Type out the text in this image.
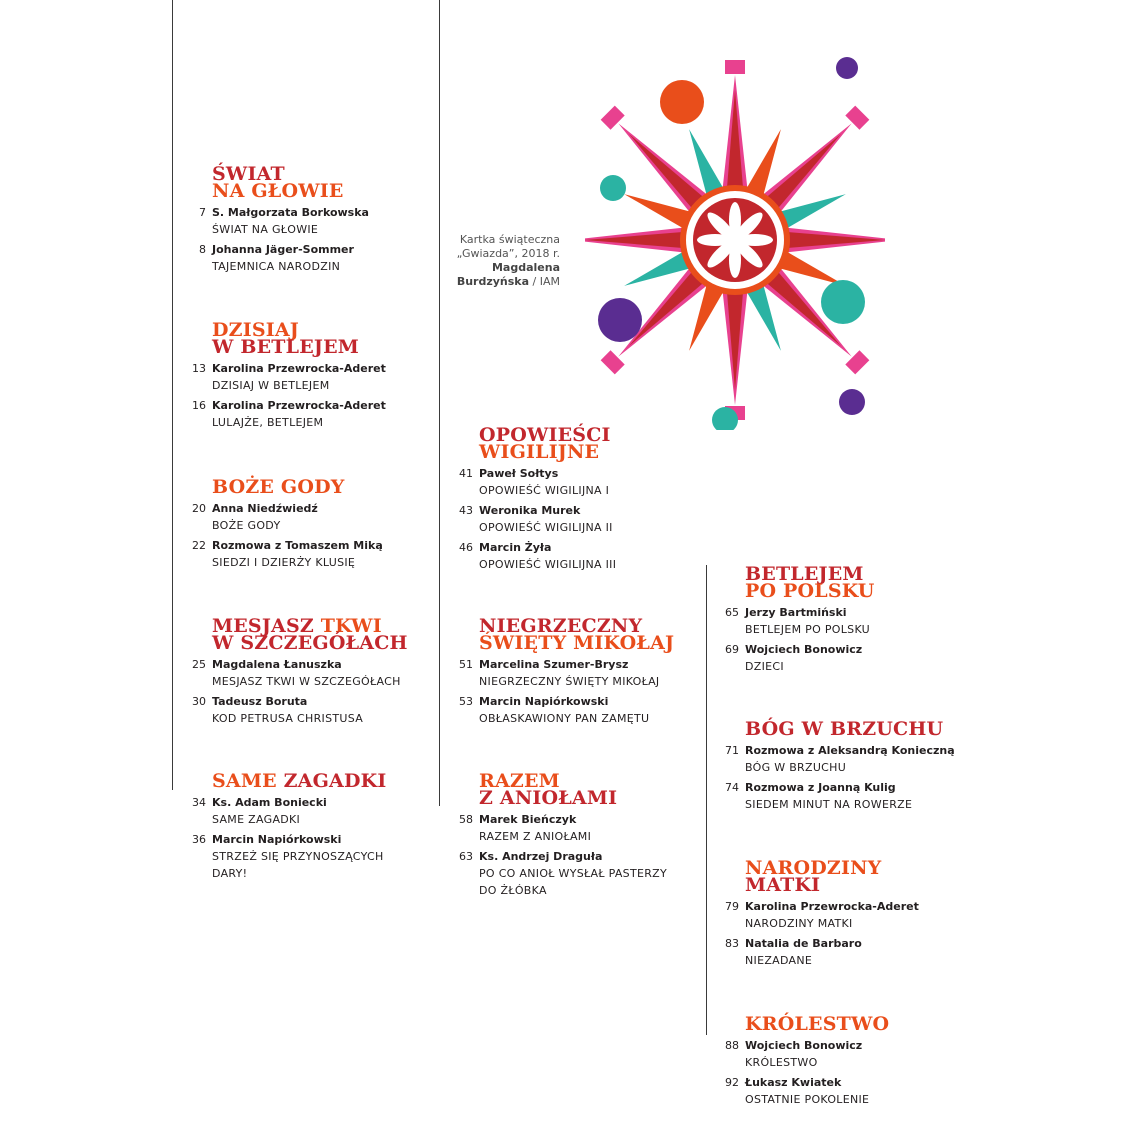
Kartka świąteczna
„Gwiazda”, 2018 r.
Magdalena
Burdzyńska / IAM
ŚWIAT
NA GŁOWIE
7 S. Małgorzata Borkowska
ŚWIAT NA GŁOWIE
8 Johanna Jäger-Sommer
TAJEMNICA NARODZIN
DZISIAJ
W BETLEJEM
13 Karolina Przewrocka-Aderet
DZISIAJ W BETLEJEM
16 Karolina Przewrocka-Aderet
LULAJŻE, BETLEJEM
BOŻE GODY
20 Anna Niedźwiedź
BOŻE GODY
22 Rozmowa z Tomaszem Miką
SIEDZI I DZIERŻY KLUSIĘ
MESJASZ TKWI
W SZCZEGÓŁACH
25 Magdalena Łanuszka
MESJASZ TKWI W SZCZEGÓŁACH
30 Tadeusz Boruta
KOD PETRUSA CHRISTUSA
SAME ZAGADKI
34 Ks. Adam Boniecki
SAME ZAGADKI
36 Marcin Napiórkowski
STRZEŻ SIĘ PRZYNOSZĄCYCH
DARY!
OPOWIEŚCI
WIGILIJNE
41 Paweł Sołtys
OPOWIEŚĆ WIGILIJNA I
43 Weronika Murek
OPOWIEŚĆ WIGILIJNA II
46 Marcin Żyła
OPOWIEŚĆ WIGILIJNA III
NIEGRZECZNY
ŚWIĘTY MIKOŁAJ
51 Marcelina Szumer-Brysz
NIEGRZECZNY ŚWIĘTY MIKOŁAJ
53 Marcin Napiórkowski
OBŁASKAWIONY PAN ZAMĘTU
RAZEM
Z ANIOŁAMI
58 Marek Bieńczyk
RAZEM Z ANIOŁAMI
63 Ks. Andrzej Draguła
PO CO ANIOŁ WYSŁAŁ PASTERZY
DO ŻŁÓBKA
BETLEJEM
PO POLSKU
65 Jerzy Bartmiński
BETLEJEM PO POLSKU
69 Wojciech Bonowicz
DZIECI
BÓG W BRZUCHU
71 Rozmowa z Aleksandrą Konieczną
BÓG W BRZUCHU
74 Rozmowa z Joanną Kulig
SIEDEM MINUT NA ROWERZE
NARODZINY
MATKI
79 Karolina Przewrocka-Aderet
NARODZINY MATKI
83 Natalia de Barbaro
NIEZADANE
KRÓLESTWO
88 Wojciech Bonowicz
KRÓLESTWO
92 Łukasz Kwiatek
OSTATNIE POKOLENIE
